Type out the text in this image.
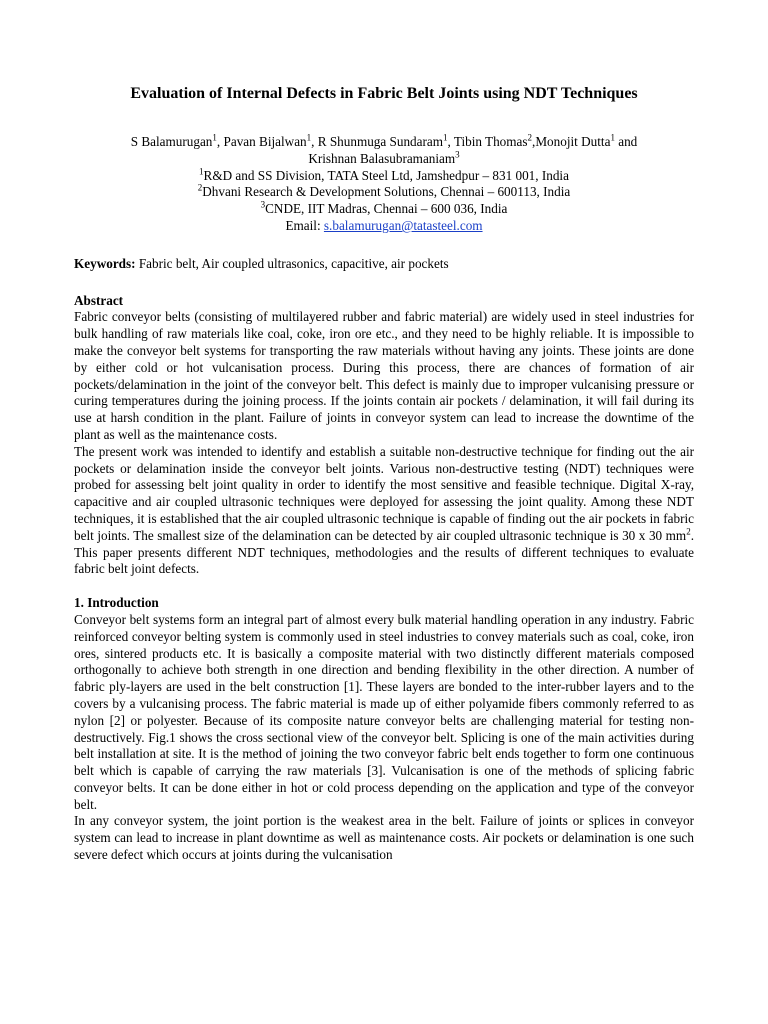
Evaluation of Internal Defects in Fabric Belt Joints using NDT Techniques

S Balamurugan$^1$, Pavan Bijalwan$^1$, R Shunmuga Sundaram$^1$, Tibin Thomas$^2$,Monojit Dutta$^1$ and

Krishnan Balasubramaniam$^3$

$^1$R&D and SS Division, TATA Steel Ltd, Jamshedpur – 831 001, India

$^2$Dhvani Research & Development Solutions, Chennai – 600113, India

$^3$CNDE, IIT Madras, Chennai – 600 036, India

Email: s.balamurugan@tatasteel.com

Keywords: Fabric belt, Air coupled ultrasonics, capacitive, air pockets

Abstract

Fabric conveyor belts (consisting of multilayered rubber and fabric material) are widely used in steel industries for bulk handling of raw materials like coal, coke, iron ore etc., and they need to be highly reliable. It is impossible to make the conveyor belt systems for transporting the raw materials without having any joints. These joints are done by either cold or hot vulcanisation process. During this process, there are chances of formation of air pockets/delamination in the joint of the conveyor belt. This defect is mainly due to improper vulcanising pressure or curing temperatures during the joining process. If the joints contain air pockets / delamination, it will fail during its use at harsh condition in the plant. Failure of joints in conveyor system can lead to increase the downtime of the plant as well as the maintenance costs.

The present work was intended to identify and establish a suitable non-destructive technique for finding out the air pockets or delamination inside the conveyor belt joints. Various non-destructive testing (NDT) techniques were probed for assessing belt joint quality in order to identify the most sensitive and feasible technique. Digital X-ray, capacitive and air coupled ultrasonic techniques were deployed for assessing the joint quality. Among these NDT techniques, it is established that the air coupled ultrasonic technique is capable of finding out the air pockets in fabric belt joints. The smallest size of the delamination can be detected by air coupled ultrasonic technique is 30 x 30 $mm^2$. This paper presents different NDT techniques, methodologies and the results of different techniques to evaluate fabric belt joint defects.

1. Introduction

Conveyor belt systems form an integral part of almost every bulk material handling operation in any industry. Fabric reinforced conveyor belting system is commonly used in steel industries to convey materials such as coal, coke, iron ores, sintered products etc. It is basically a composite material with two distinctly different materials composed orthogonally to achieve both strength in one direction and bending flexibility in the other direction. A number of fabric ply-layers are used in the belt construction [1]. These layers are bonded to the inter-rubber layers and to the covers by a vulcanising process. The fabric material is made up of either polyamide fibers commonly referred to as nylon [2] or polyester. Because of its composite nature conveyor belts are challenging material for testing non-destructively. Fig.1 shows the cross sectional view of the conveyor belt. Splicing is one of the main activities during belt installation at site. It is the method of joining the two conveyor fabric belt ends together to form one continuous belt which is capable of carrying the raw materials [3]. Vulcanisation is one of the methods of splicing fabric conveyor belts. It can be done either in hot or cold process depending on the application and type of the conveyor belt.

In any conveyor system, the joint portion is the weakest area in the belt. Failure of joints or splices in conveyor system can lead to increase in plant downtime as well as maintenance costs. Air pockets or delamination is one such severe defect which occurs at joints during the vulcanisation
